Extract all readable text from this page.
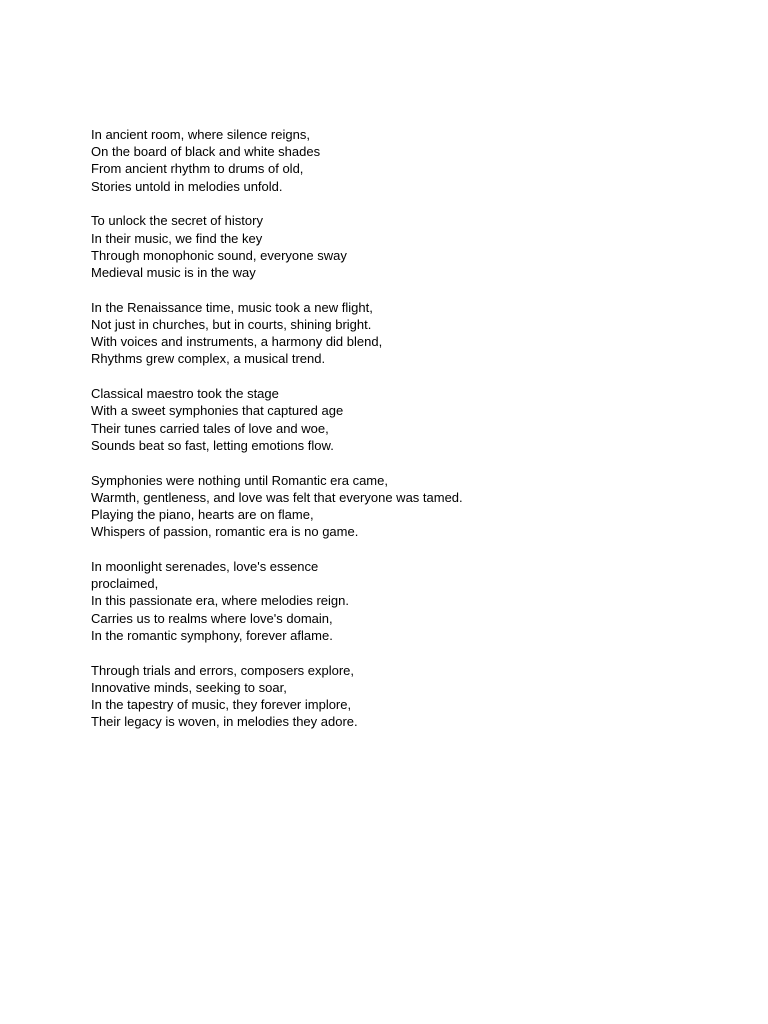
In ancient room, where silence reigns,
On the board of black and white shades
From ancient rhythm to drums of old,
Stories untold in melodies unfold.
To unlock the secret of history
In their music, we find the key
Through monophonic sound, everyone sway
Medieval music is in the way
In the Renaissance time, music took a new flight,
Not just in churches, but in courts, shining bright.
With voices and instruments, a harmony did blend,
Rhythms grew complex, a musical trend.
Classical maestro took the stage
With a sweet symphonies that captured age
Their tunes carried tales of love and woe,
Sounds beat so fast, letting emotions flow.
Symphonies were nothing until Romantic era came,
Warmth, gentleness, and love was felt that everyone was tamed.
Playing the piano, hearts are on flame,
Whispers of passion, romantic era is no game.
In moonlight serenades, love's essence
proclaimed,
In this passionate era, where melodies reign.
Carries us to realms where love's domain,
In the romantic symphony, forever aflame.
Through trials and errors, composers explore,
Innovative minds, seeking to soar,
In the tapestry of music, they forever implore,
Their legacy is woven, in melodies they adore.
